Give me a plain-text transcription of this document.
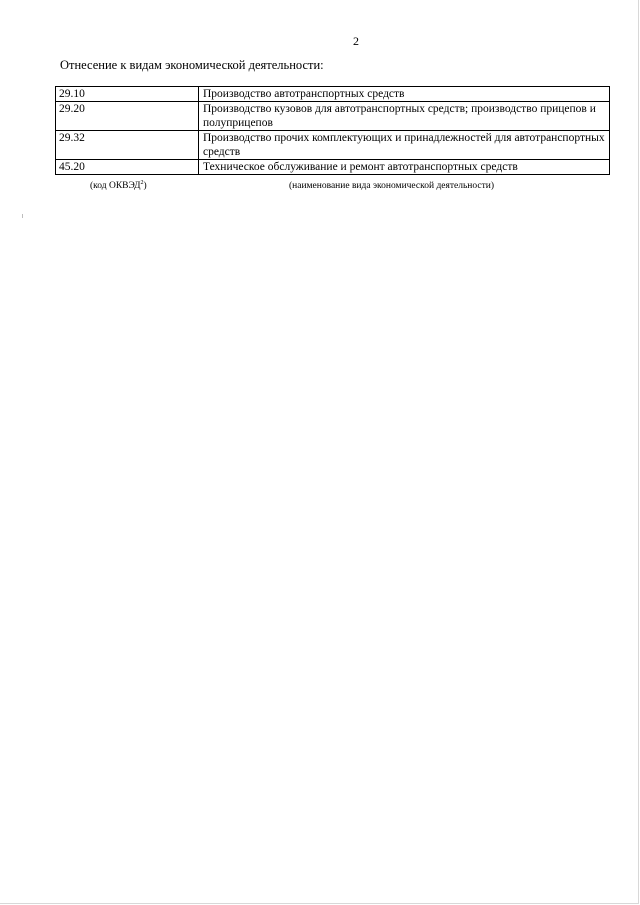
2
Отнесение к видам экономической деятельности:
29.10	Производство автотранспортных средств
29.20	Производство кузовов для автотранспортных средств; производство прицепов и полуприцепов
29.32	Производство прочих комплектующих и принадлежностей для автотранспортных средств
45.20	Техническое обслуживание и ремонт автотранспортных средств
(код ОКВЭД$^2$)	(наименование вида экономической деятельности)
